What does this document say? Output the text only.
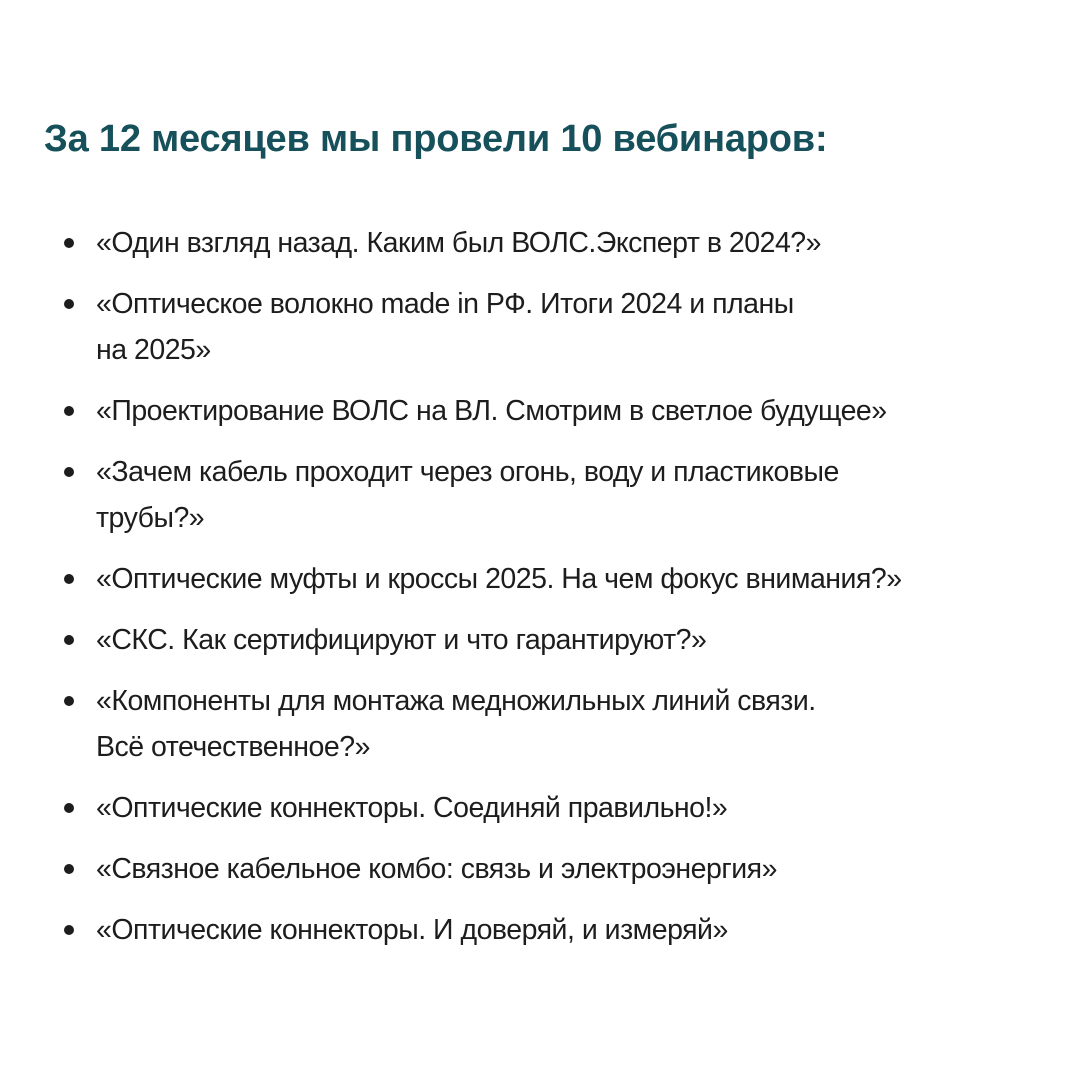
За 12 месяцев мы провели 10 вебинаров:
«Один взгляд назад. Каким был ВОЛС.Эксперт в 2024?»
«Оптическое волокно made in РФ. Итоги 2024 и планы
на 2025»
«Проектирование ВОЛС на ВЛ. Смотрим в светлое будущее»
«Зачем кабель проходит через огонь, воду и пластиковые
трубы?»
«Оптические муфты и кроссы 2025. На чем фокус внимания?»
«СКС. Как сертифицируют и что гарантируют?»
«Компоненты для монтажа медножильных линий связи.
Всё отечественное?»
«Оптические коннекторы. Соединяй правильно!»
«Связное кабельное комбо: связь и электроэнергия»
«Оптические коннекторы. И доверяй, и измеряй»
